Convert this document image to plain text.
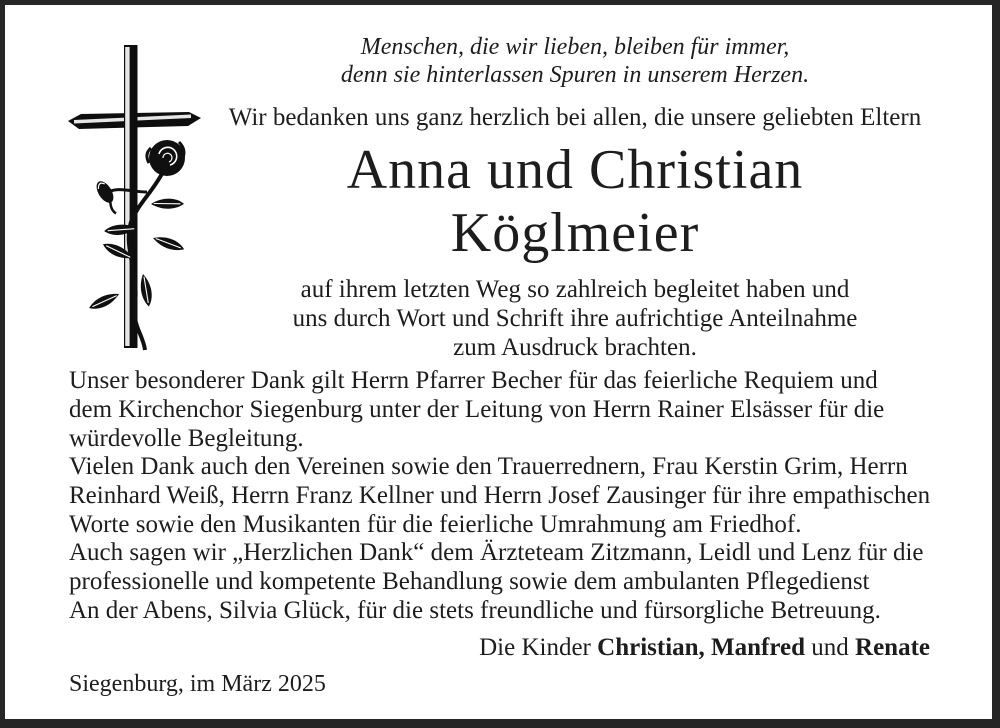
Menschen, die wir lieben, bleiben für immer,
denn sie hinterlassen Spuren in unserem Herzen.
Wir bedanken uns ganz herzlich bei allen, die unsere geliebten Eltern
Anna und Christian
Köglmeier
auf ihrem letzten Weg so zahlreich begleitet haben und
uns durch Wort und Schrift ihre aufrichtige Anteilnahme
zum Ausdruck brachten.
Unser besonderer Dank gilt Herrn Pfarrer Becher für das feierliche Requiem und
dem Kirchenchor Siegenburg unter der Leitung von Herrn Rainer Elsässer für die
würdevolle Begleitung.
Vielen Dank auch den Vereinen sowie den Trauerrednern, Frau Kerstin Grim, Herrn
Reinhard Weiß, Herrn Franz Kellner und Herrn Josef Zausinger für ihre empathischen
Worte sowie den Musikanten für die feierliche Umrahmung am Friedhof.
Auch sagen wir „Herzlichen Dank“ dem Ärzteteam Zitzmann, Leidl und Lenz für die
professionelle und kompetente Behandlung sowie dem ambulanten Pflegedienst
An der Abens, Silvia Glück, für die stets freundliche und fürsorgliche Betreuung.
Die Kinder Christian, Manfred und Renate
Siegenburg, im März 2025
